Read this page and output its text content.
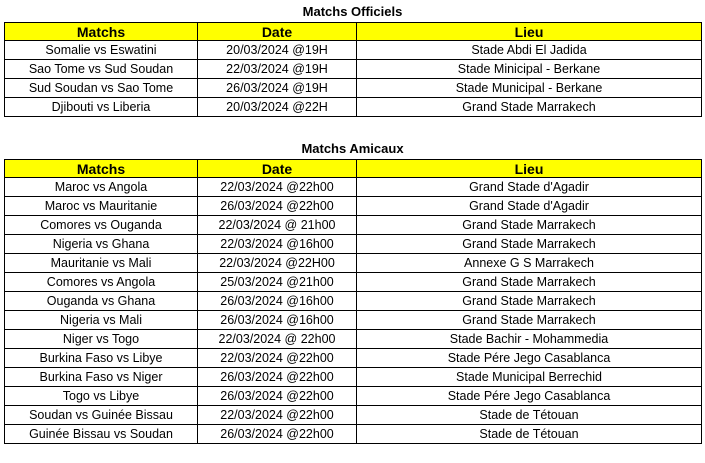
Matchs Officiels
Matchs	Date	Lieu
Somalie vs Eswatini	20/03/2024 @19H	Stade Abdi El Jadida
Sao Tome vs Sud Soudan	22/03/2024 @19H	Stade Minicipal - Berkane
Sud Soudan vs Sao Tome	26/03/2024 @19H	Stade Municipal - Berkane
Djibouti vs Liberia	20/03/2024 @22H	Grand Stade Marrakech
Matchs Amicaux
Matchs	Date	Lieu
Maroc vs Angola	22/03/2024 @22h00	Grand Stade d'Agadir
Maroc vs Mauritanie	26/03/2024 @22h00	Grand Stade d'Agadir
Comores vs Ouganda	22/03/2024 @ 21h00	Grand Stade Marrakech
Nigeria vs Ghana	22/03/2024 @16h00	Grand Stade Marrakech
Mauritanie vs Mali	22/03/2024 @22H00	Annexe G S Marrakech
Comores vs Angola	25/03/2024 @21h00	Grand Stade Marrakech
Ouganda vs Ghana	26/03/2024 @16h00	Grand Stade Marrakech
Nigeria vs Mali	26/03/2024 @16h00	Grand Stade Marrakech
Niger vs Togo	22/03/2024 @ 22h00	Stade Bachir - Mohammedia
Burkina Faso vs Libye	22/03/2024 @22h00	Stade Pére Jego Casablanca
Burkina Faso vs Niger	26/03/2024 @22h00	Stade Municipal Berrechid
Togo vs Libye	26/03/2024 @22h00	Stade Pére Jego Casablanca
Soudan vs Guinée Bissau	22/03/2024 @22h00	Stade de Tétouan
Guinée Bissau vs Soudan	26/03/2024 @22h00	Stade de Tétouan
